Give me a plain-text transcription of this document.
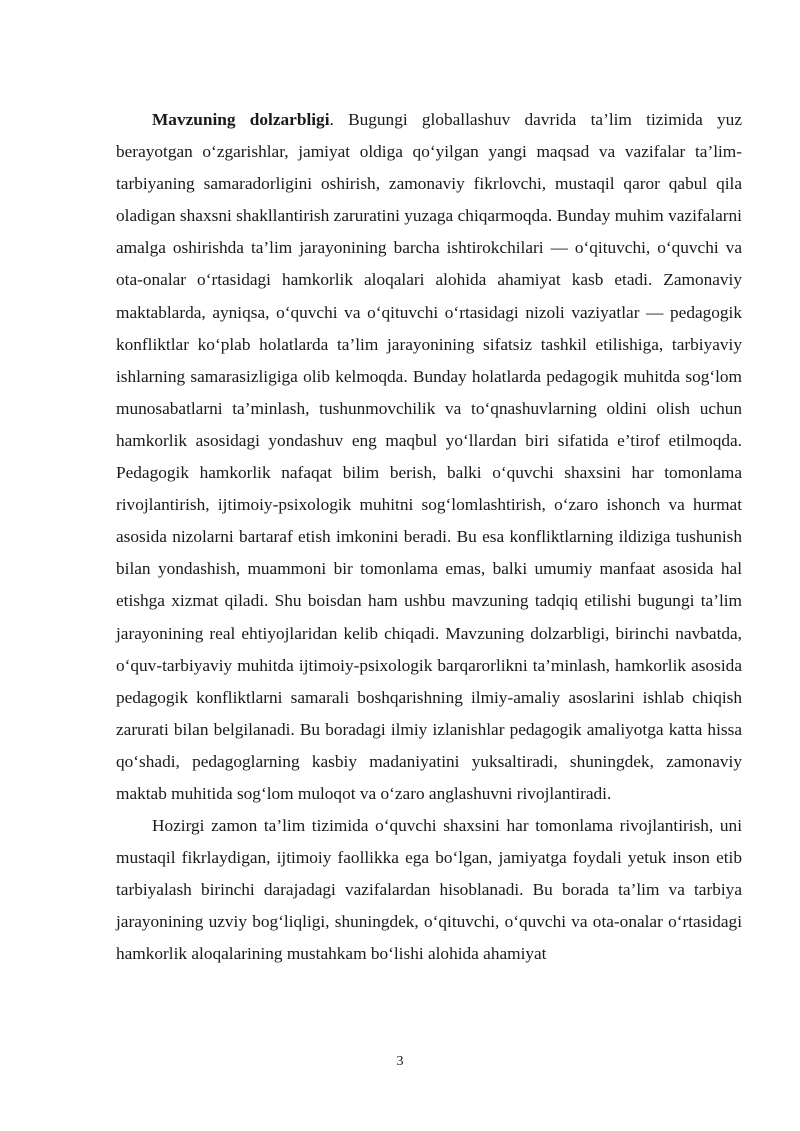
Mavzuning dolzarbligi. Bugungi globallashuv davrida ta’lim tizimida yuz berayotgan oʻzgarishlar, jamiyat oldiga qoʻyilgan yangi maqsad va vazifalar ta’lim-tarbiyaning samaradorligini oshirish, zamonaviy fikrlovchi, mustaqil qaror qabul qila oladigan shaxsni shakllantirish zaruratini yuzaga chiqarmoqda. Bunday muhim vazifalarni amalga oshirishda ta’lim jarayonining barcha ishtirokchilari — oʻqituvchi, oʻquvchi va ota-onalar oʻrtasidagi hamkorlik aloqalari alohida ahamiyat kasb etadi. Zamonaviy maktablarda, ayniqsa, oʻquvchi va oʻqituvchi oʻrtasidagi nizoli vaziyatlar — pedagogik konfliktlar koʻplab holatlarda ta’lim jarayonining sifatsiz tashkil etilishiga, tarbiyaviy ishlarning samarasizligiga olib kelmoqda. Bunday holatlarda pedagogik muhitda sogʻlom munosabatlarni ta’minlash, tushunmovchilik va toʻqnashuvlarning oldini olish uchun hamkorlik asosidagi yondashuv eng maqbul yoʻllardan biri sifatida e’tirof etilmoqda. Pedagogik hamkorlik nafaqat bilim berish, balki oʻquvchi shaxsini har tomonlama rivojlantirish, ijtimoiy-psixologik muhitni sogʻlomlashtirish, oʻzaro ishonch va hurmat asosida nizolarni bartaraf etish imkonini beradi. Bu esa konfliktlarning ildiziga tushunish bilan yondashish, muammoni bir tomonlama emas, balki umumiy manfaat asosida hal etishga xizmat qiladi. Shu boisdan ham ushbu mavzuning tadqiq etilishi bugungi ta’lim jarayonining real ehtiyojlaridan kelib chiqadi. Mavzuning dolzarbligi, birinchi navbatda, oʻquv-tarbiyaviy muhitda ijtimoiy-psixologik barqarorlikni ta’minlash, hamkorlik asosida pedagogik konfliktlarni samarali boshqarishning ilmiy-amaliy asoslarini ishlab chiqish zarurati bilan belgilanadi. Bu boradagi ilmiy izlanishlar pedagogik amaliyotga katta hissa qoʻshadi, pedagoglarning kasbiy madaniyatini yuksaltiradi, shuningdek, zamonaviy maktab muhitida sogʻlom muloqot va oʻzaro anglashuvni rivojlantiradi.

Hozirgi zamon ta’lim tizimida oʻquvchi shaxsini har tomonlama rivojlantirish, uni mustaqil fikrlaydigan, ijtimoiy faollikka ega boʻlgan, jamiyatga foydali yetuk inson etib tarbiyalash birinchi darajadagi vazifalardan hisoblanadi. Bu borada ta’lim va tarbiya jarayonining uzviy bogʻliqligi, shuningdek, oʻqituvchi, oʻquvchi va ota-onalar oʻrtasidagi hamkorlik aloqalarining mustahkam boʻlishi alohida ahamiyat

3
